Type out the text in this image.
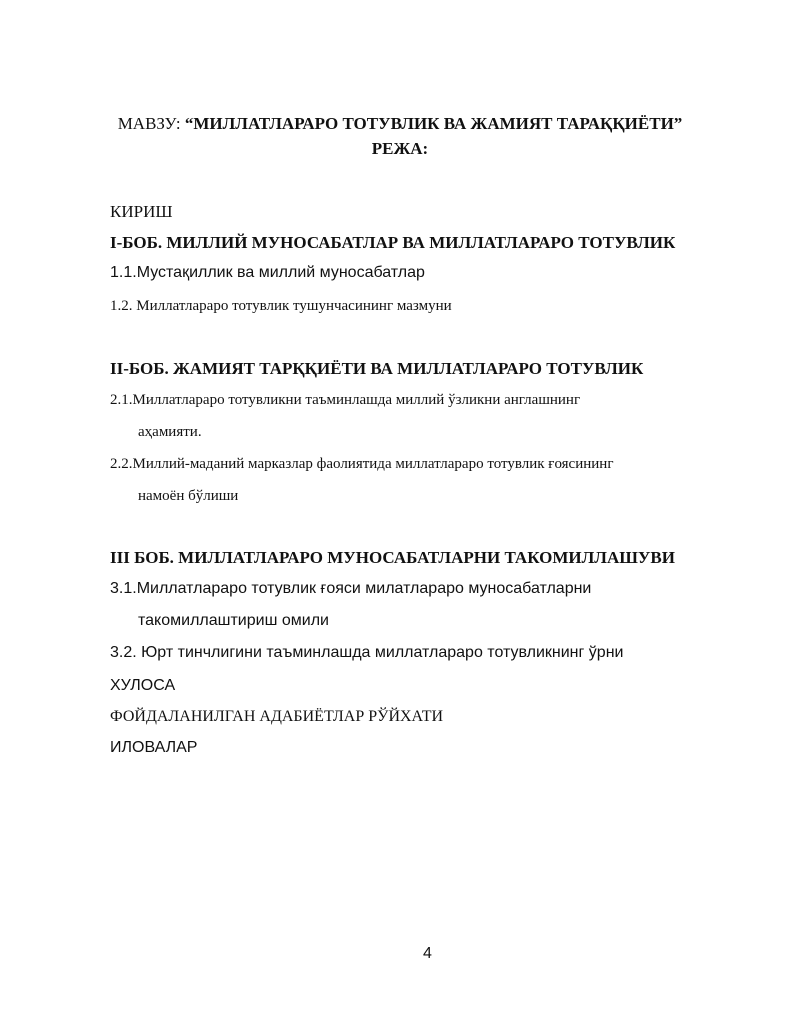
МАВЗУ: “МИЛЛАТЛАРАРО ТОТУВЛИК ВА ЖАМИЯТ ТАРАҚҚИЁТИ”
РЕЖА:
КИРИШ
I-БОБ. МИЛЛИЙ МУНОСАБАТЛАР ВА МИЛЛАТЛАРАРО ТОТУВЛИК
1.1.Мустақиллик ва миллий муносабатлар
1.2. Миллатлараро тотувлик тушунчасининг мазмуни
II-БОБ. ЖАМИЯТ ТАРҚҚИЁТИ ВА МИЛЛАТЛАРАРО ТОТУВЛИК
2.1.Миллатлараро тотувликни таъминлашда миллий ўзликни англашнинг
аҳамияти.
2.2.Миллий-маданий марказлар фаолиятида миллатлараро тотувлик ғоясининг
намоён бўлиши
III БОБ. МИЛЛАТЛАРАРО МУНОСАБАТЛАРНИ ТАКОМИЛЛАШУВИ
3.1.Миллатлараро тотувлик ғояси милатлараро муносабатларни
такомиллаштириш омили
3.2. Юрт тинчлигини таъминлашда миллатлараро тотувликнинг ўрни
ХУЛОСА
ФОЙДАЛАНИЛГАН АДАБИЁТЛАР РЎЙХАТИ
ИЛОВАЛАР
4
